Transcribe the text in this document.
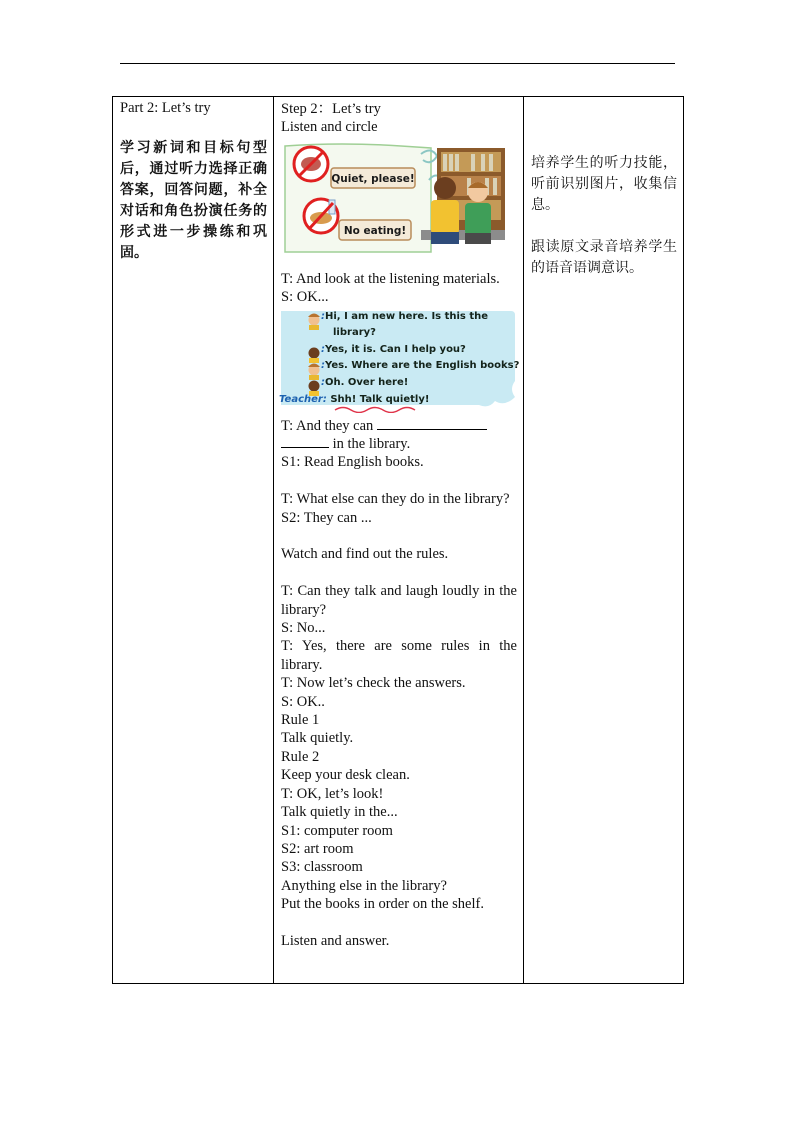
Part 2: Let’s try
学习新词和目标句型后，通过听力选择正确答案，回答问题，补全对话和角色扮演任务的形式进一步操练和巩固。

Step 2：Let’s try
Listen and circle
Quiet, please!
No eating!
T: And look at the listening materials.
S: OK...
:Hi, I am new here. Is this the
library?
:Yes, it is. Can I help you?
:Yes. Where are the English books?
:Oh. Over here!
Teacher: Shh! Talk quietly!
T: And they can
in the library.
S1: Read English books.
T: What else can they do in the library?
S2: They can ...
Watch and find out the rules.
T: Can they talk and laugh loudly in the library?
S: No...
T: Yes, there are some rules in the library.
T: Now let’s check the answers.
S: OK..
Rule 1
Talk quietly.
Rule 2
Keep your desk clean.
T: OK, let’s look!
Talk quietly in the...
S1: computer room
S2: art room
S3: classroom
Anything else in the library?
Put the books in order on the shelf.
Listen and answer.

培养学生的听力技能，听前识别图片，收集信息。
跟读原文录音培养学生的语音语调意识。
